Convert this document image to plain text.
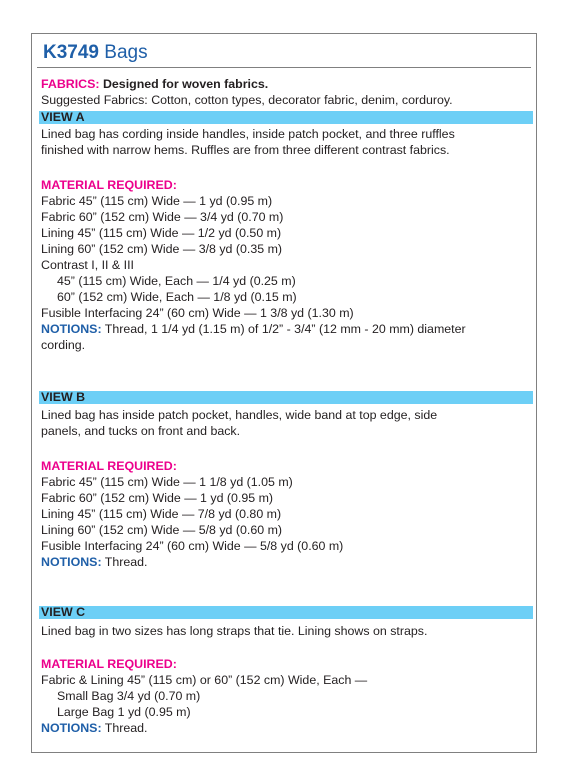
K3749 Bags
FABRICS: Designed for woven fabrics.
Suggested Fabrics: Cotton, cotton types, decorator fabric, denim, corduroy.
VIEW A
Lined bag has cording inside handles, inside patch pocket, and three ruffles
finished with narrow hems. Ruffles are from three different contrast fabrics.
MATERIAL REQUIRED:
Fabric 45” (115 cm) Wide — 1 yd (0.95 m)
Fabric 60” (152 cm) Wide — 3/4 yd (0.70 m)
Lining 45” (115 cm) Wide — 1/2 yd (0.50 m)
Lining 60” (152 cm) Wide — 3/8 yd (0.35 m)
Contrast I, II & III
45” (115 cm) Wide, Each — 1/4 yd (0.25 m)
60” (152 cm) Wide, Each — 1/8 yd (0.15 m)
Fusible Interfacing 24” (60 cm) Wide — 1 3/8 yd (1.30 m)
NOTIONS: Thread, 1 1/4 yd (1.15 m) of 1/2” - 3/4” (12 mm - 20 mm) diameter
cording.
VIEW B
Lined bag has inside patch pocket, handles, wide band at top edge, side
panels, and tucks on front and back.
MATERIAL REQUIRED:
Fabric 45” (115 cm) Wide — 1 1/8 yd (1.05 m)
Fabric 60” (152 cm) Wide — 1 yd (0.95 m)
Lining 45” (115 cm) Wide — 7/8 yd (0.80 m)
Lining 60” (152 cm) Wide — 5/8 yd (0.60 m)
Fusible Interfacing 24” (60 cm) Wide — 5/8 yd (0.60 m)
NOTIONS: Thread.
VIEW C
Lined bag in two sizes has long straps that tie. Lining shows on straps.
MATERIAL REQUIRED:
Fabric & Lining 45” (115 cm) or 60” (152 cm) Wide, Each —
Small Bag 3/4 yd (0.70 m)
Large Bag 1 yd (0.95 m)
NOTIONS: Thread.
